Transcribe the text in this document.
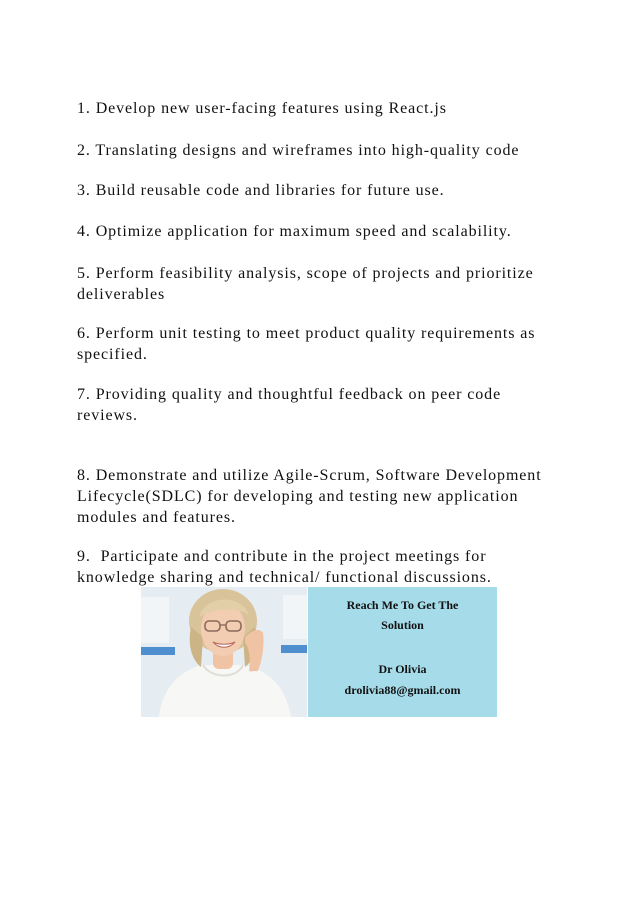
1. Develop new user-facing features using React.js

2. Translating designs and wireframes into high-quality code

3. Build reusable code and libraries for future use.

4. Optimize application for maximum speed and scalability.

5. Perform feasibility analysis, scope of projects and prioritize
deliverables

6. Perform unit testing to meet product quality requirements as
specified.

7. Providing quality and thoughtful feedback on peer code
reviews.

8. Demonstrate and utilize Agile-Scrum, Software Development
Lifecycle(SDLC) for developing and testing new application
modules and features.

9.  Participate and contribute in the project meetings for
knowledge sharing and technical/ functional discussions.

Reach Me To Get The
Solution
Dr Olivia
drolivia88@gmail.com
